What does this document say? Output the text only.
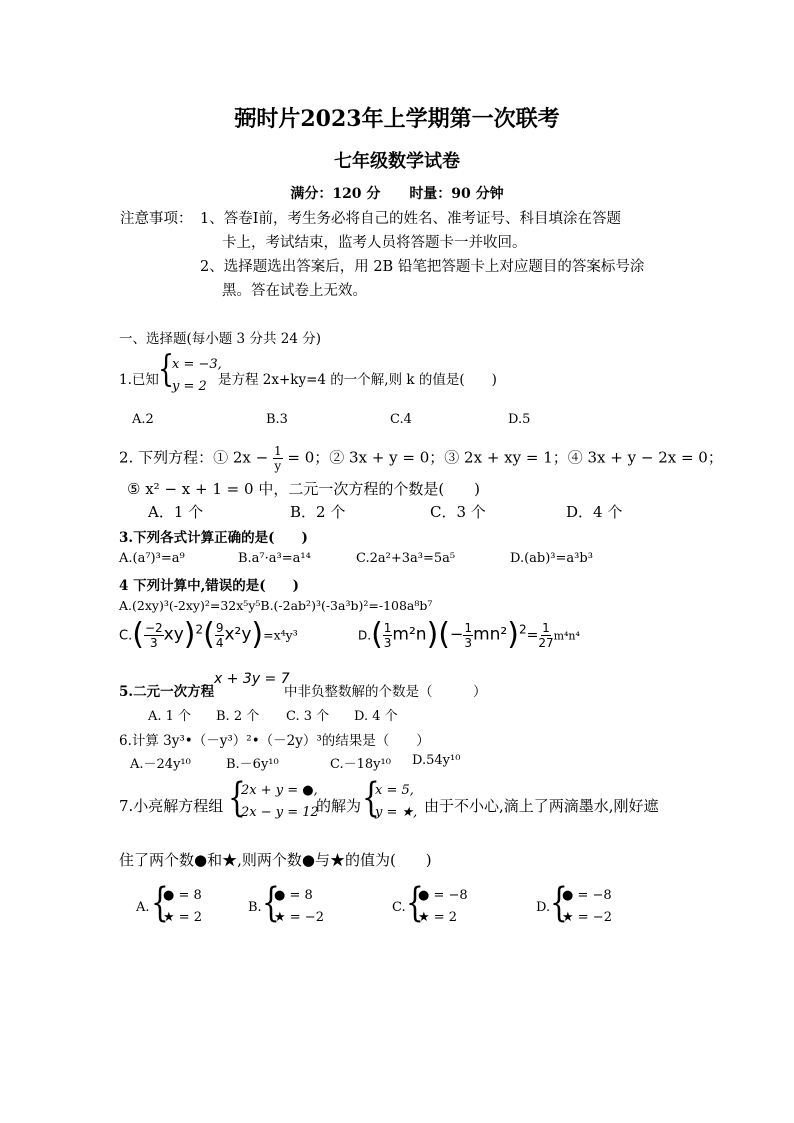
弼时片2023年上学期第一次联考
七年级数学试卷
满分：120 分 时量：90 分钟
注意事项： 1、答卷Ⅰ前，考生务必将自己的姓名、准考证号、科目填涂在答题
卡上，考试结束，监考人员将答题卡一并收回。
2、选择题选出答案后，用 2B 铅笔把答题卡上对应题目的答案标号涂
黑。答在试卷上无效。
一、选择题(每小题 3 分共 24 分)
1.已知 {
x = −3,
y = 2 是方程 2x+ky=4 的一个解,则 k 的值是(　　)
A.2	B.3	C.4	D.5
2. 下列方程：① $2x - \frac{1}{y} = 0$；② 3x + y = 0；③ 2x + xy = 1；④ 3x + y − 2x = 0；
⑤ x² − x + 1 = 0 中，二元一次方程的个数是(　　)
A．1 个	B．2 个	C．3 个	D．4 个
3.下列各式计算正确的是(　　)
A.(a⁷)³=a⁹	B.a⁷·a³=a¹⁴	C.2a²+3a³=5a⁵	D.(ab)³=a³b³
4 下列计算中,错误的是(　　)
A.(2xy)³(-2xy)²=32x⁵y⁵B.(-2ab²)³(-3a³b)²=-108a⁸b⁷
$C.( \frac{-2}{3} xy)^2( \frac{9}{4} x^2y)=x^4y^3$	$D.( \frac{1}{3} m^2n)(- \frac{1}{3} mn^2)^2= \frac{1}{27} m^4n^4$
5.二元一次方程
x + 3y = 7
中非负整数解的个数是（　　　）
A. 1 个 B. 2 个 C. 3 个 D. 4 个
6.计算 3y³•（－y³）²•（－2y）³的结果是（　　）
A.－24y¹⁰	B.－6y¹⁰	C.－18y¹⁰ D.54y¹⁰
7.小亮解方程组 {
2x + y = ●,
2x − y = 12
的解为 {
x = 5,
y = ★, 由于不小心,滴上了两滴墨水,刚好遮
住了两个数●和★,则两个数●与★的值为(　　)
A. {
● = 8
★ = 2
B. {
● = 8
★ = −2
C. {
● = −8
★ = 2
D. {
● = −8
★ = −2
